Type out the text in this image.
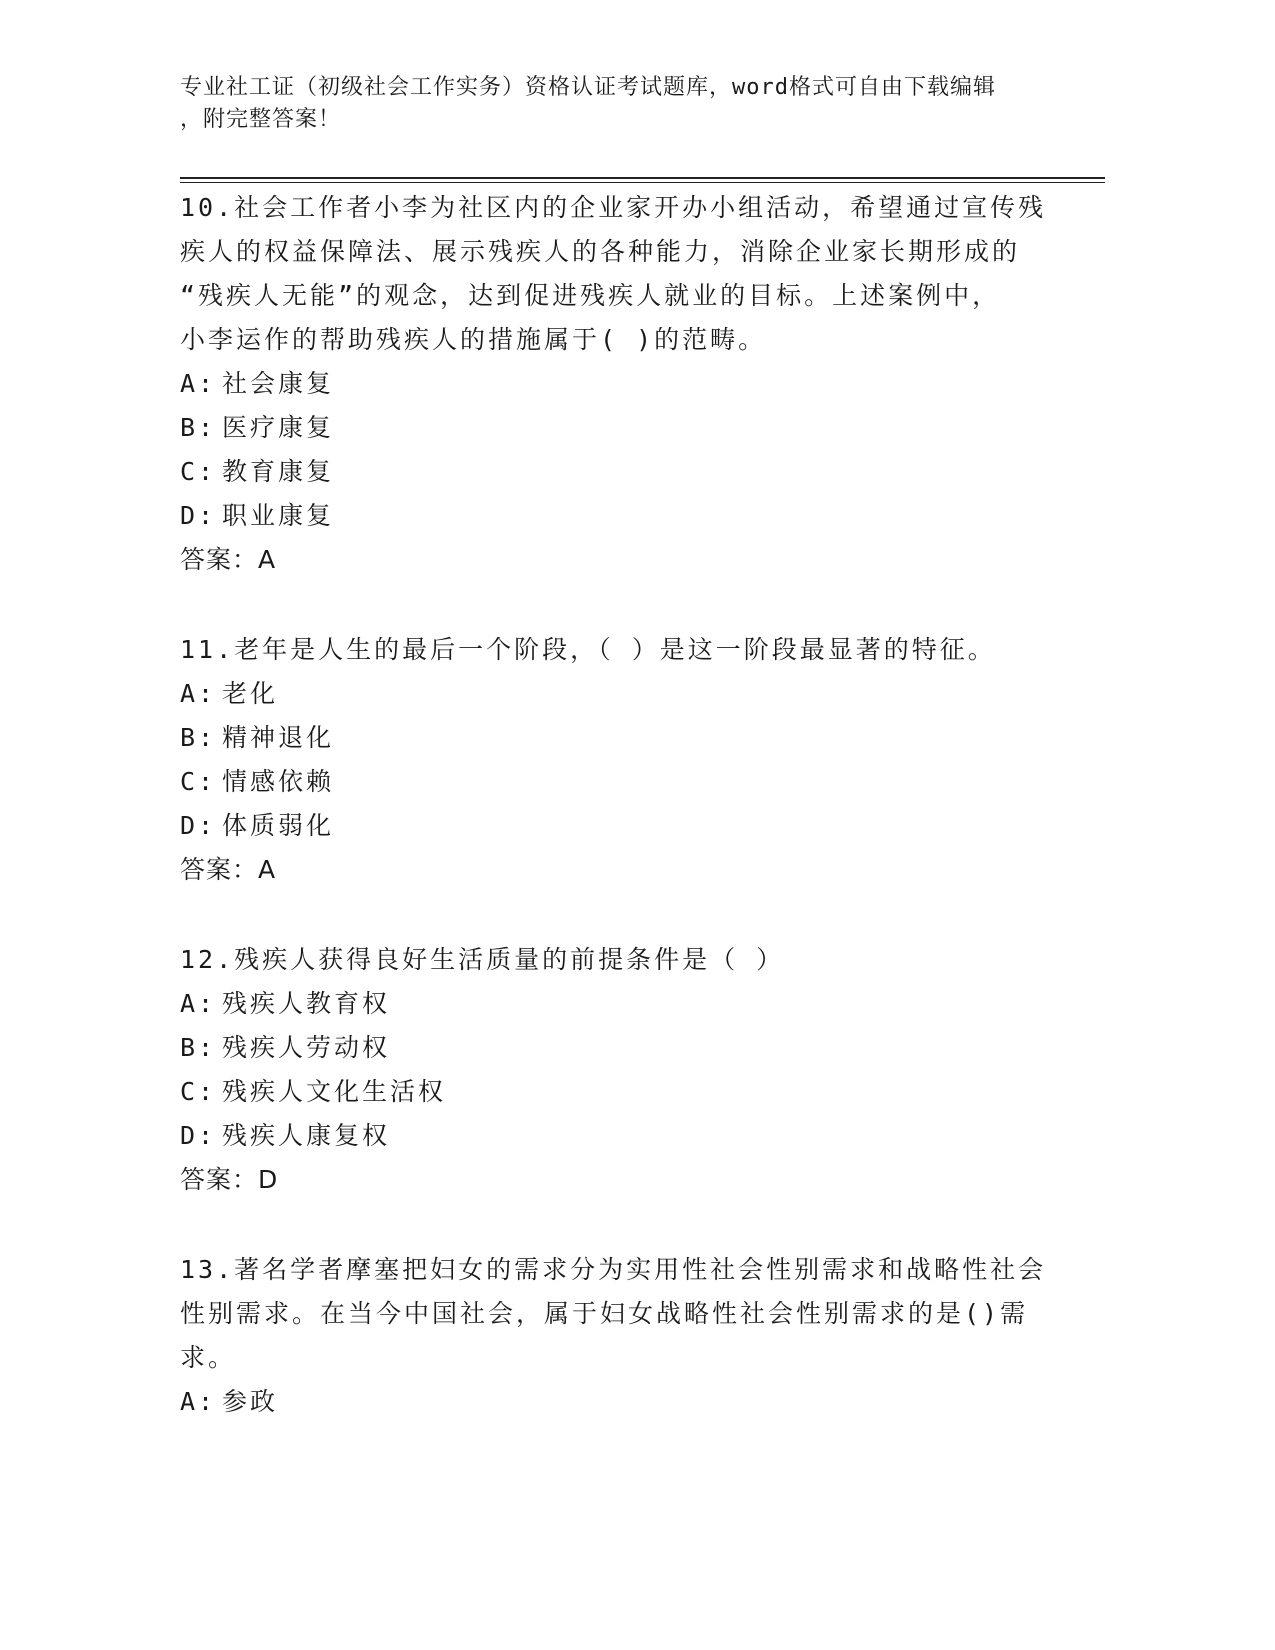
专业社工证（初级社会工作实务）资格认证考试题库，word格式可自由下载编辑
，附完整答案！
10.社会工作者小李为社区内的企业家开办小组活动，希望通过宣传残
疾人的权益保障法、展示残疾人的各种能力，消除企业家长期形成的
“残疾人无能”的观念，达到促进残疾人就业的目标。上述案例中，
小李运作的帮助残疾人的措施属于( )的范畴。
A: 社会康复
B: 医疗康复
C: 教育康复
D: 职业康复
答案：A
11.老年是人生的最后一个阶段，（ ）是这一阶段最显著的特征。
A: 老化
B: 精神退化
C: 情感依赖
D: 体质弱化
答案：A
12.残疾人获得良好生活质量的前提条件是（ ）
A: 残疾人教育权
B: 残疾人劳动权
C: 残疾人文化生活权
D: 残疾人康复权
答案：D
13.著名学者摩塞把妇女的需求分为实用性社会性别需求和战略性社会
性别需求。在当今中国社会，属于妇女战略性社会性别需求的是()需
求。
A: 参政
